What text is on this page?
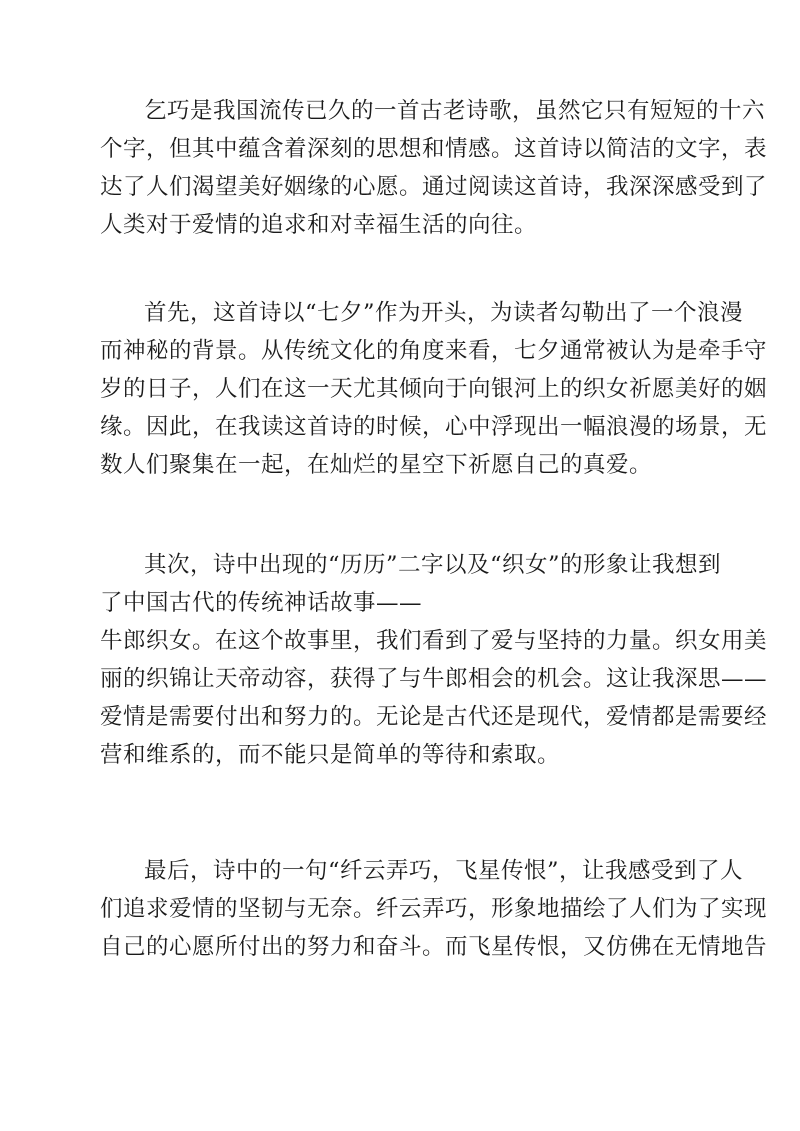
乞巧是我国流传已久的一首古老诗歌，虽然它只有短短的十六
个字，但其中蕴含着深刻的思想和情感。这首诗以简洁的文字，表
达了人们渴望美好姻缘的心愿。通过阅读这首诗，我深深感受到了
人类对于爱情的追求和对幸福生活的向往。
首先，这首诗以“七夕”作为开头，为读者勾勒出了一个浪漫
而神秘的背景。从传统文化的角度来看，七夕通常被认为是牵手守
岁的日子，人们在这一天尤其倾向于向银河上的织女祈愿美好的姻
缘。因此，在我读这首诗的时候，心中浮现出一幅浪漫的场景，无
数人们聚集在一起，在灿烂的星空下祈愿自己的真爱。
其次，诗中出现的“历历”二字以及“织女”的形象让我想到
了中国古代的传统神话故事——
牛郎织女。在这个故事里，我们看到了爱与坚持的力量。织女用美
丽的织锦让天帝动容，获得了与牛郎相会的机会。这让我深思——
爱情是需要付出和努力的。无论是古代还是现代，爱情都是需要经
营和维系的，而不能只是简单的等待和索取。
最后，诗中的一句“纤云弄巧，飞星传恨”，让我感受到了人
们追求爱情的坚韧与无奈。纤云弄巧，形象地描绘了人们为了实现
自己的心愿所付出的努力和奋斗。而飞星传恨，又仿佛在无情地告
